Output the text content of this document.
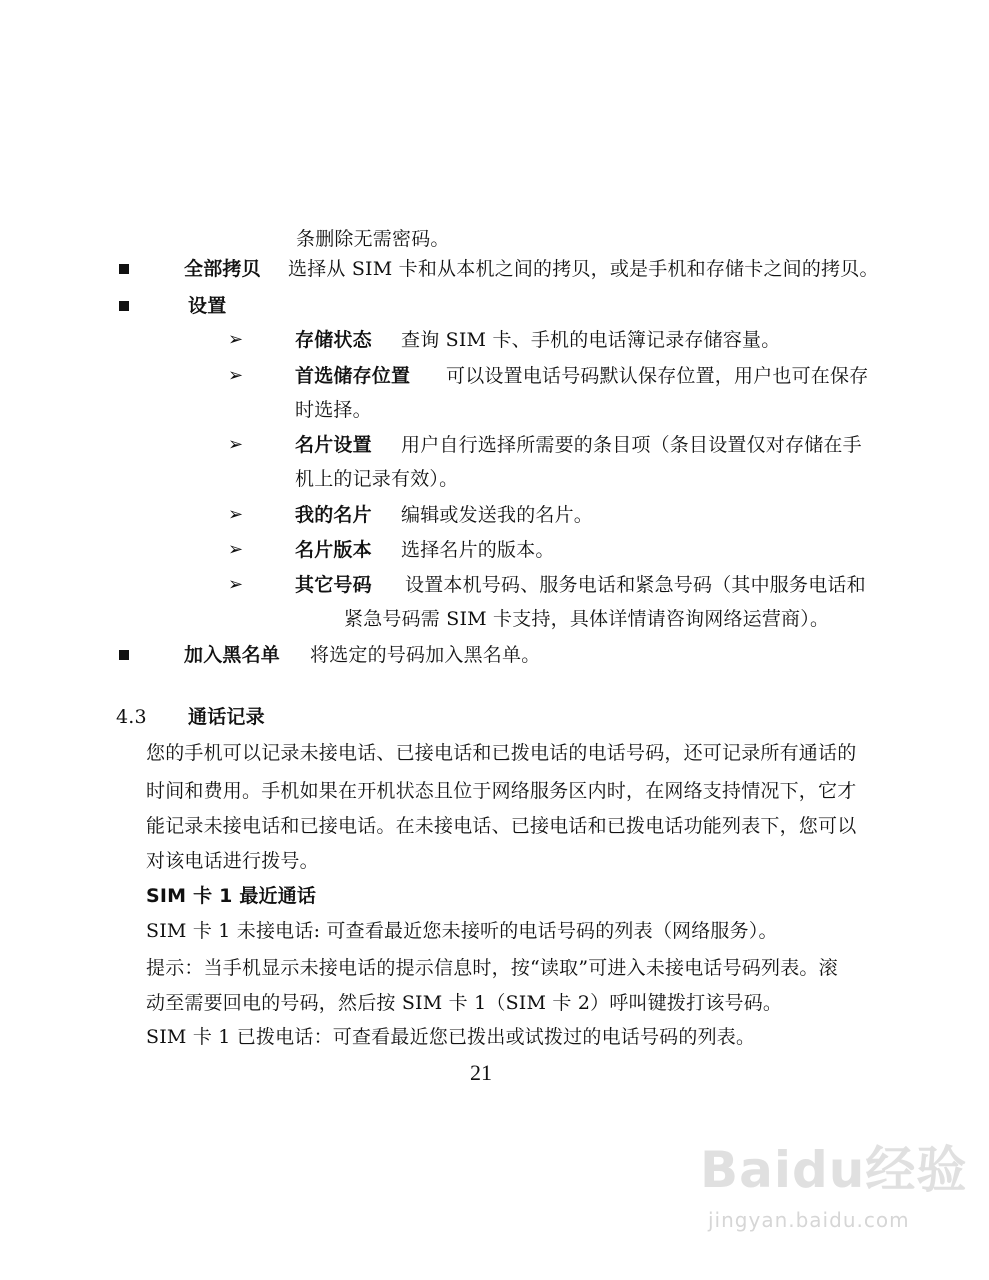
条删除无需密码。
全部拷贝 选择从 SIM 卡和从本机之间的拷贝，或是手机和存储卡之间的拷贝。
设置
➢	存储状态 查询 SIM 卡、手机的电话簿记录存储容量。
➢	首选储存位置 可以设置电话号码默认保存位置，用户也可在保存
时选择。
➢	名片设置 用户自行选择所需要的条目项（条目设置仅对存储在手
机上的记录有效）。
➢	我的名片 编辑或发送我的名片。
➢	名片版本 选择名片的版本。
➢	其它号码 设置本机号码、服务电话和紧急号码（其中服务电话和
紧急号码需 SIM 卡支持，具体详情请咨询网络运营商）。
加入黑名单 将选定的号码加入黑名单。
4.3 通话记录
您的手机可以记录未接电话、已接电话和已拨电话的电话号码，还可记录所有通话的
时间和费用。手机如果在开机状态且位于网络服务区内时，在网络支持情况下，它才
能记录未接电话和已接电话。在未接电话、已接电话和已拨电话功能列表下，您可以
对该电话进行拨号。
SIM 卡 1 最近通话
SIM 卡 1 未接电话: 可查看最近您未接听的电话号码的列表（网络服务）。
提示：当手机显示未接电话的提示信息时，按“读取”可进入未接电话号码列表。滚
动至需要回电的号码，然后按 SIM 卡 1（SIM 卡 2）呼叫键拨打该号码。
SIM 卡 1 已拨电话：可查看最近您已拨出或试拨过的电话号码的列表。
21
Baidu经验
jingyan.baidu.com
